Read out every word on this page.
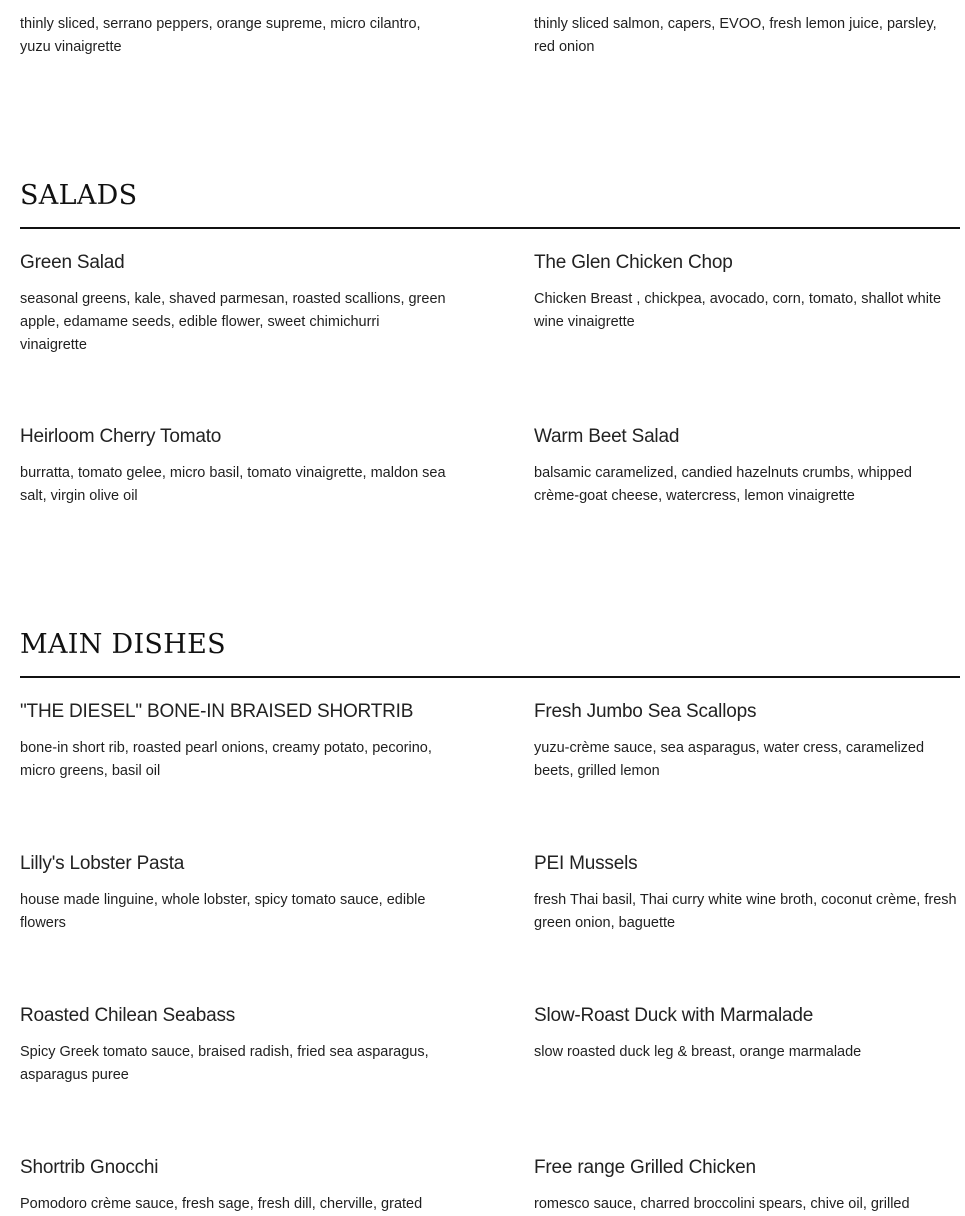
thinly sliced, serrano peppers, orange supreme, micro cilantro, yuzu vinaigrette

thinly sliced salmon, capers, EVOO, fresh lemon juice, parsley, red onion

SALADS
Green Salad

seasonal greens, kale, shaved parmesan, roasted scallions, green apple, edamame seeds, edible flower, sweet chimichurri vinaigrette

The Glen Chicken Chop

Chicken Breast , chickpea, avocado, corn, tomato, shallot white wine vinaigrette

Heirloom Cherry Tomato

burratta, tomato gelee, micro basil, tomato vinaigrette, maldon sea salt, virgin olive oil

Warm Beet Salad

balsamic caramelized, candied hazelnuts crumbs, whipped crème-goat cheese, watercress, lemon vinaigrette

MAIN DISHES
"THE DIESEL" BONE-IN BRAISED SHORTRIB

bone-in short rib, roasted pearl onions, creamy potato, pecorino, micro greens, basil oil

Fresh Jumbo Sea Scallops

yuzu-crème sauce, sea asparagus, water cress, caramelized beets, grilled lemon

Lilly's Lobster Pasta

house made linguine, whole lobster, spicy tomato sauce, edible flowers

PEI Mussels

fresh Thai basil, Thai curry white wine broth, coconut crème, fresh green onion, baguette

Roasted Chilean Seabass

Spicy Greek tomato sauce, braised radish, fried sea asparagus, asparagus puree

Slow-Roast Duck with Marmalade

slow roasted duck leg & breast, orange marmalade

Shortrib Gnocchi

Pomodoro crème sauce, fresh sage, fresh dill, cherville, grated

Free range Grilled Chicken

romesco sauce, charred broccolini spears, chive oil, grilled
